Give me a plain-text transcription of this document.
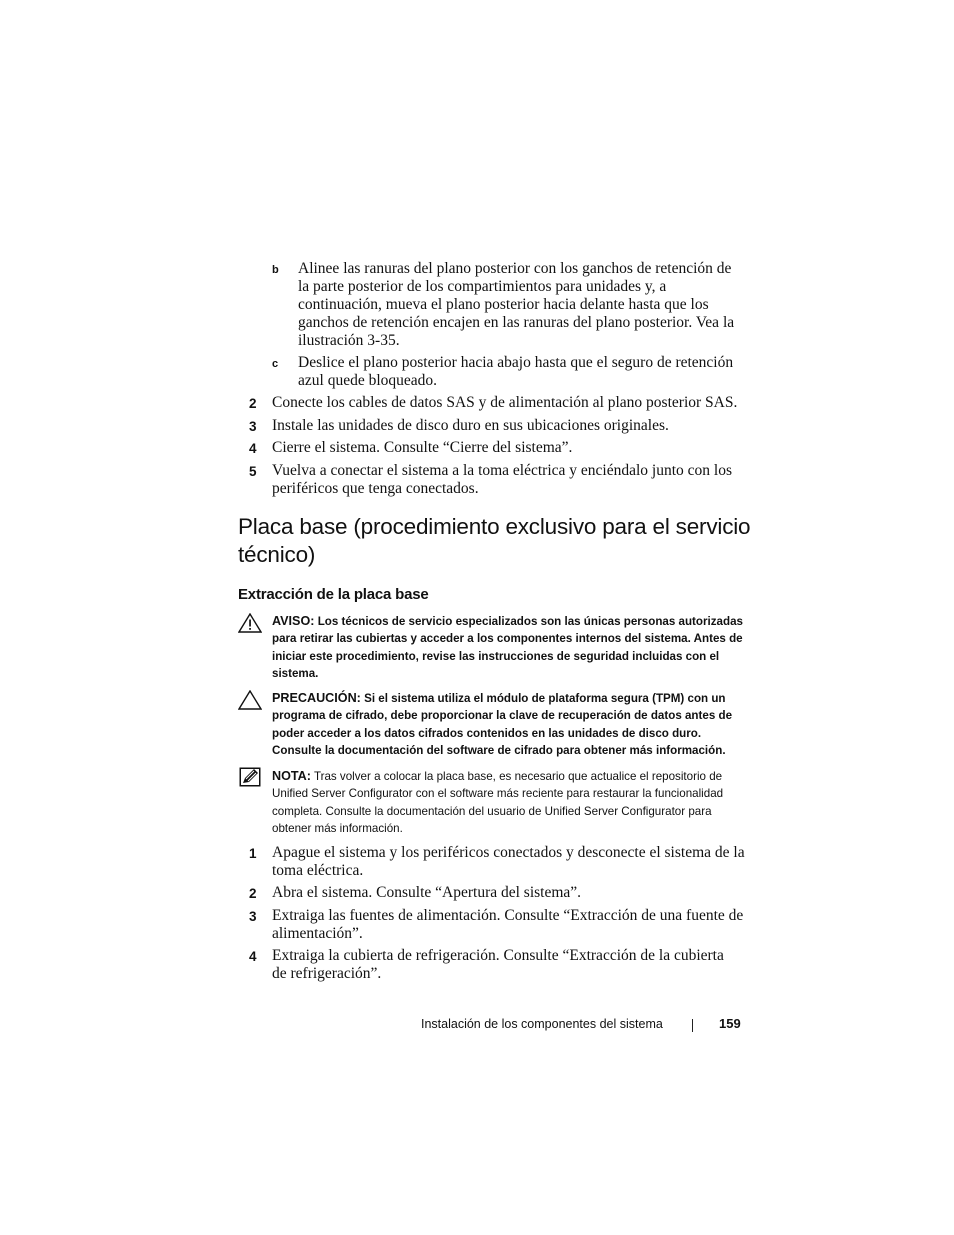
b Alinee las ranuras del plano posterior con los ganchos de retención de la parte posterior de los compartimientos para unidades y, a continuación, mueva el plano posterior hacia delante hasta que los ganchos de retención encajen en las ranuras del plano posterior. Vea la ilustración 3-35.
c Deslice el plano posterior hacia abajo hasta que el seguro de retención azul quede bloqueado.
2 Conecte los cables de datos SAS y de alimentación al plano posterior SAS.
3 Instale las unidades de disco duro en sus ubicaciones originales.
4 Cierre el sistema. Consulte “Cierre del sistema”.
5 Vuelva a conectar el sistema a la toma eléctrica y enciéndalo junto con los periféricos que tenga conectados.
Placa base (procedimiento exclusivo para el servicio técnico)
Extracción de la placa base
AVISO: Los técnicos de servicio especializados son las únicas personas autorizadas para retirar las cubiertas y acceder a los componentes internos del sistema. Antes de iniciar este procedimiento, revise las instrucciones de seguridad incluidas con el sistema.
PRECAUCIÓN: Si el sistema utiliza el módulo de plataforma segura (TPM) con un programa de cifrado, debe proporcionar la clave de recuperación de datos antes de poder acceder a los datos cifrados contenidos en las unidades de disco duro. Consulte la documentación del software de cifrado para obtener más información.
NOTA: Tras volver a colocar la placa base, es necesario que actualice el repositorio de Unified Server Configurator con el software más reciente para restaurar la funcionalidad completa. Consulte la documentación del usuario de Unified Server Configurator para obtener más información.
1 Apague el sistema y los periféricos conectados y desconecte el sistema de la toma eléctrica.
2 Abra el sistema. Consulte “Apertura del sistema”.
3 Extraiga las fuentes de alimentación. Consulte “Extracción de una fuente de alimentación”.
4 Extraiga la cubierta de refrigeración. Consulte “Extracción de la cubierta de refrigeración”.
Instalación de los componentes del sistema	159
